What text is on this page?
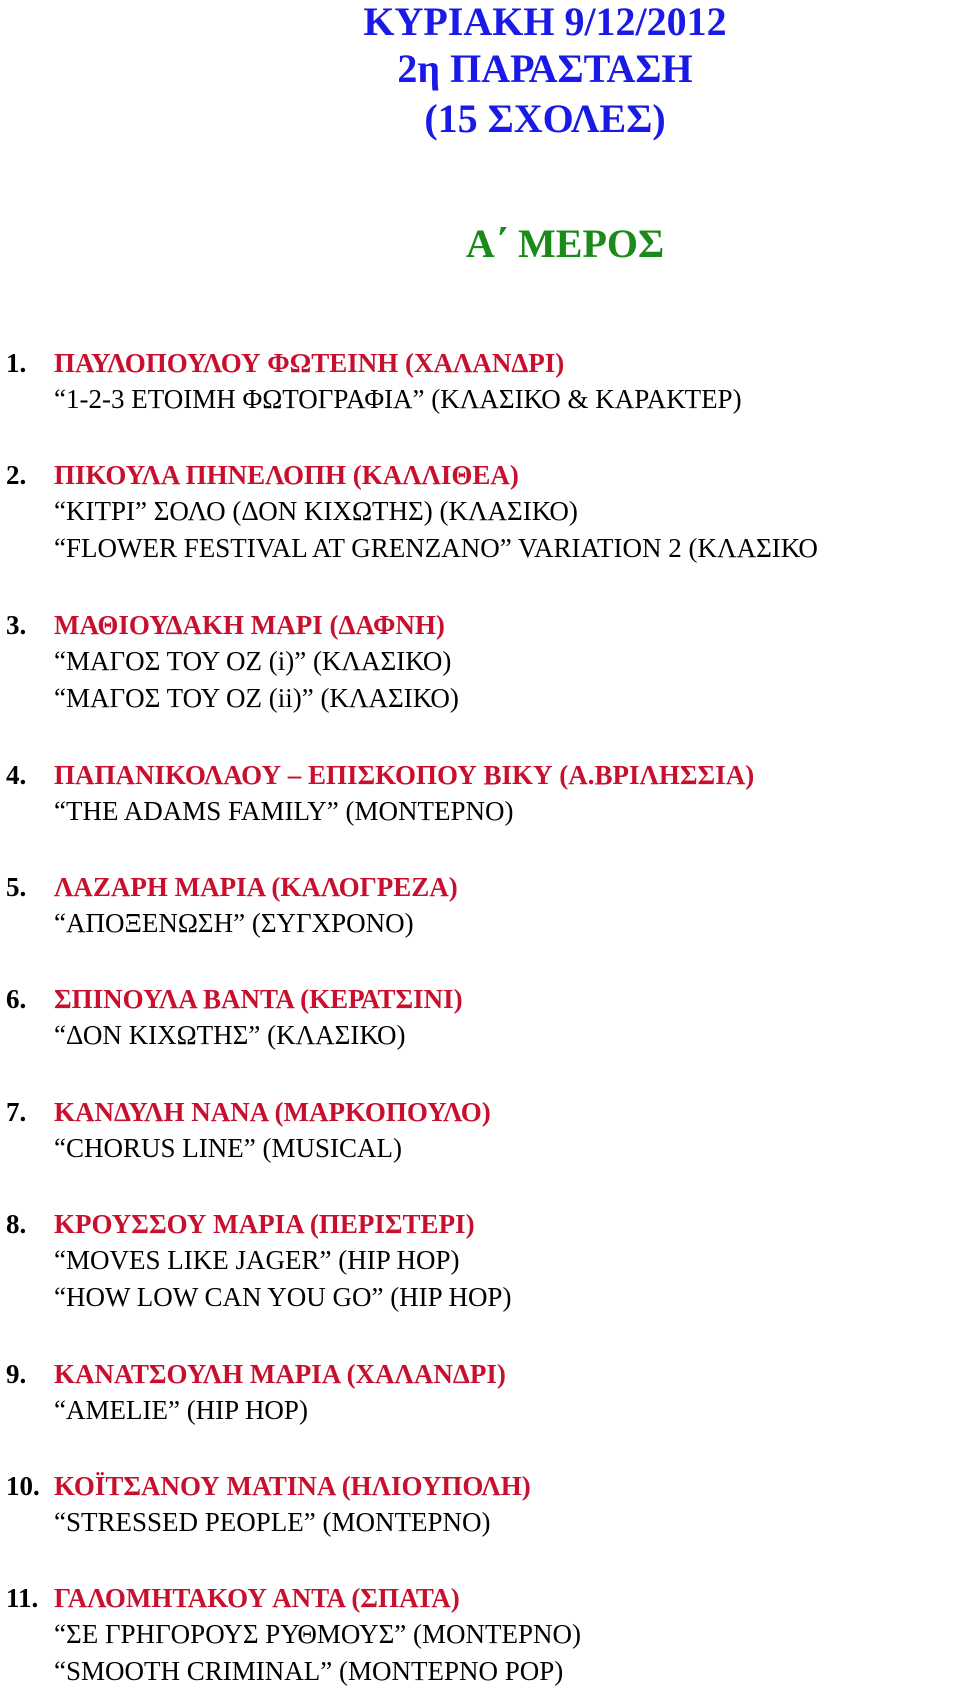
ΚΥΡΙΑΚΗ 9/12/2012
2η ΠΑΡΑΣΤΑΣΗ
(15 ΣΧΟΛΕΣ)
Α΄ ΜΕΡΟΣ
1. ΠΑΥΛΟΠΟΥΛΟΥ ΦΩΤΕΙΝΗ (ΧΑΛΑΝΔΡΙ)
“1-2-3 ΕΤΟΙΜΗ ΦΩΤΟΓΡΑΦΙΑ” (ΚΛΑΣΙΚΟ & ΚΑΡΑΚΤΕΡ)
2. ΠΙΚΟΥΛΑ ΠΗΝΕΛΟΠΗ (ΚΑΛΛΙΘΕΑ)
“ΚΙΤΡΙ” ΣΟΛΟ (ΔΟΝ ΚΙΧΩΤΗΣ) (ΚΛΑΣΙΚΟ)
“FLOWER FESTIVAL AT GRENZANO” VARIATION 2 (ΚΛΑΣΙΚΟ
3. ΜΑΘΙΟΥΔΑΚΗ ΜΑΡΙ (ΔΑΦΝΗ)
“ΜΑΓΟΣ ΤΟΥ ΟΖ (i)” (ΚΛΑΣΙΚΟ)
“ΜΑΓΟΣ ΤΟΥ ΟΖ (ii)” (ΚΛΑΣΙΚΟ)
4. ΠΑΠΑΝΙΚΟΛΑΟΥ – ΕΠΙΣΚΟΠΟΥ ΒΙΚΥ (Α.ΒΡΙΛΗΣΣΙΑ)
“THE ADAMS FAMILY” (ΜΟΝΤΕΡΝΟ)
5. ΛΑΖΑΡΗ ΜΑΡΙΑ (ΚΑΛΟΓΡΕΖΑ)
“ΑΠΟΞΕΝΩΣΗ” (ΣΥΓΧΡΟΝΟ)
6. ΣΠΙΝΟΥΛΑ ΒΑΝΤΑ (ΚΕΡΑΤΣΙΝΙ)
“ΔΟΝ ΚΙΧΩΤΗΣ” (ΚΛΑΣΙΚΟ)
7. ΚΑΝΔΥΛΗ ΝΑΝΑ (ΜΑΡΚΟΠΟΥΛΟ)
“CHORUS LINE” (MUSICAL)
8. ΚΡΟΥΣΣΟΥ ΜΑΡΙΑ (ΠΕΡΙΣΤΕΡΙ)
“MOVES LIKE JAGER” (HIP HOP)
“HOW LOW CAN YOU GO” (HIP HOP)
9. ΚΑΝΑΤΣΟΥΛΗ ΜΑΡΙΑ (ΧΑΛΑΝΔΡΙ)
“AMELIE” (HIP HOP)
10. ΚΟΪΤΣΑΝΟΥ ΜΑΤΙΝΑ (ΗΛΙΟΥΠΟΛΗ)
“STRESSED PEOPLE” (ΜΟΝΤΕΡΝΟ)
11. ΓΑΛΟΜΗΤΑΚΟΥ ΑΝΤΑ (ΣΠΑΤΑ)
“ΣΕ ΓΡΗΓΟΡΟΥΣ ΡΥΘΜΟΥΣ” (ΜΟΝΤΕΡΝΟ)
“SMOOTH CRIMINAL” (ΜΟΝΤΕΡΝΟ POP)
